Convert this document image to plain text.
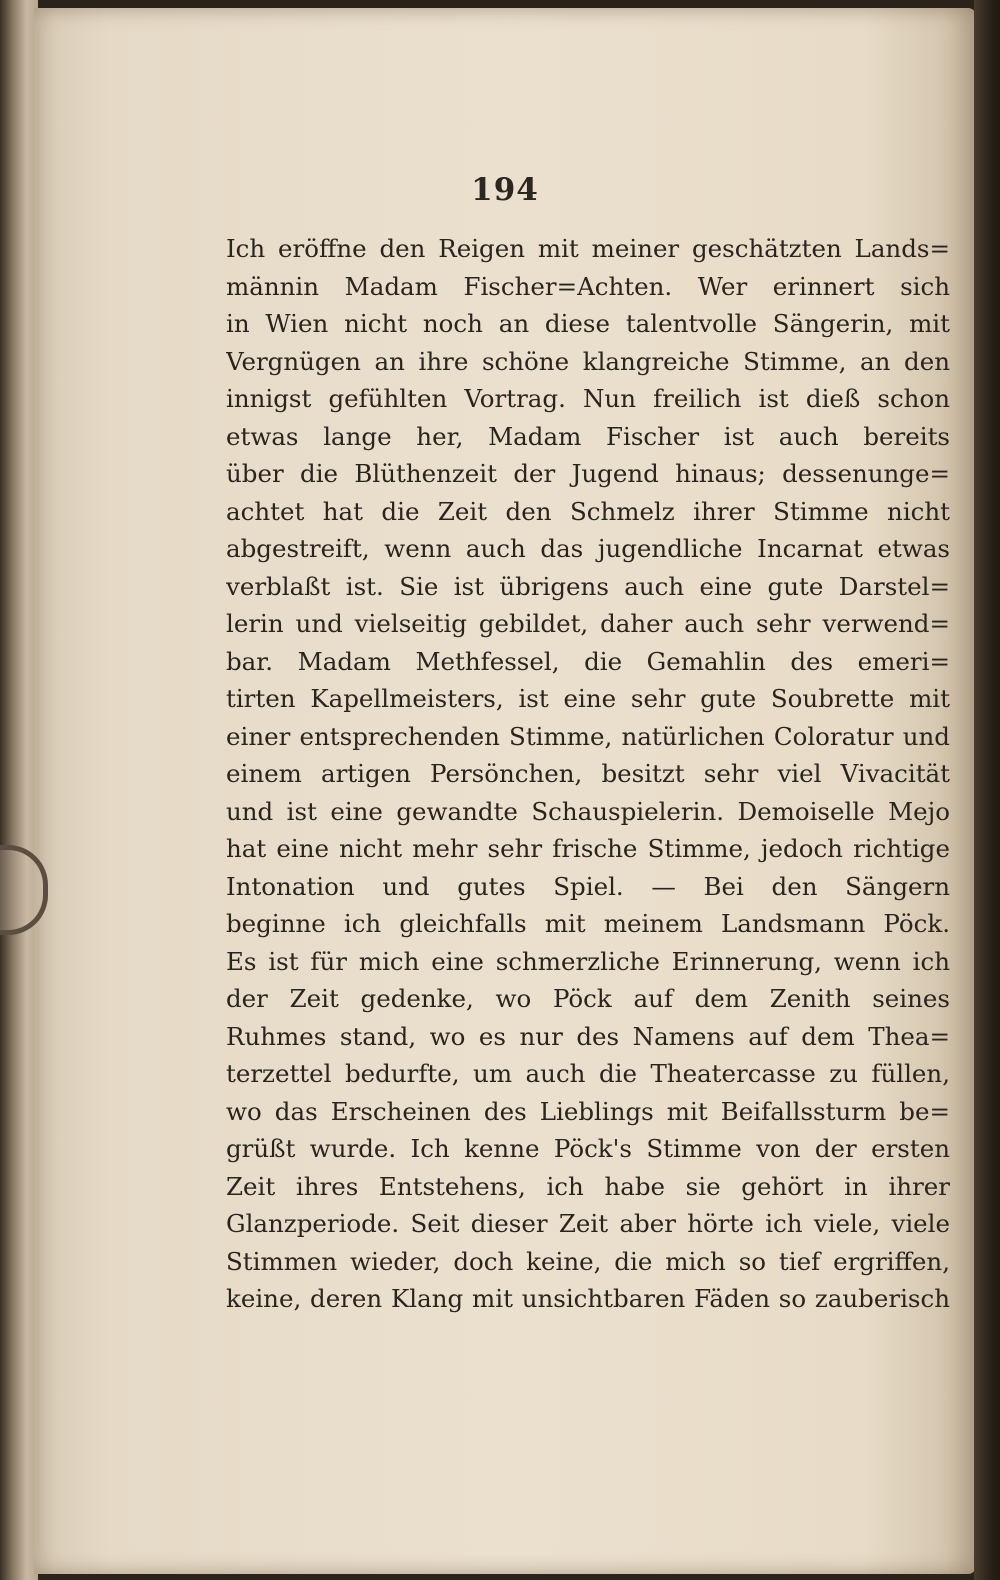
194
Ich eröffne den Reigen mit meiner geschätzten Lands=
männin Madam Fischer=Achten. Wer erinnert sich
in Wien nicht noch an diese talentvolle Sängerin, mit
Vergnügen an ihre schöne klangreiche Stimme, an den
innigst gefühlten Vortrag. Nun freilich ist dieß schon
etwas lange her, Madam Fischer ist auch bereits
über die Blüthenzeit der Jugend hinaus; dessenunge=
achtet hat die Zeit den Schmelz ihrer Stimme nicht
abgestreift, wenn auch das jugendliche Incarnat etwas
verblaßt ist. Sie ist übrigens auch eine gute Darstel=
lerin und vielseitig gebildet, daher auch sehr verwend=
bar. Madam Methfessel, die Gemahlin des emeri=
tirten Kapellmeisters, ist eine sehr gute Soubrette mit
einer entsprechenden Stimme, natürlichen Coloratur und
einem artigen Persönchen, besitzt sehr viel Vivacität
und ist eine gewandte Schauspielerin. Demoiselle Mejo
hat eine nicht mehr sehr frische Stimme, jedoch richtige
Intonation und gutes Spiel. — Bei den Sängern
beginne ich gleichfalls mit meinem Landsmann Pöck.
Es ist für mich eine schmerzliche Erinnerung, wenn ich
der Zeit gedenke, wo Pöck auf dem Zenith seines
Ruhmes stand, wo es nur des Namens auf dem Thea=
terzettel bedurfte, um auch die Theatercasse zu füllen,
wo das Erscheinen des Lieblings mit Beifallssturm be=
grüßt wurde. Ich kenne Pöck's Stimme von der ersten
Zeit ihres Entstehens, ich habe sie gehört in ihrer
Glanzperiode. Seit dieser Zeit aber hörte ich viele, viele
Stimmen wieder, doch keine, die mich so tief ergriffen,
keine, deren Klang mit unsichtbaren Fäden so zauberisch
